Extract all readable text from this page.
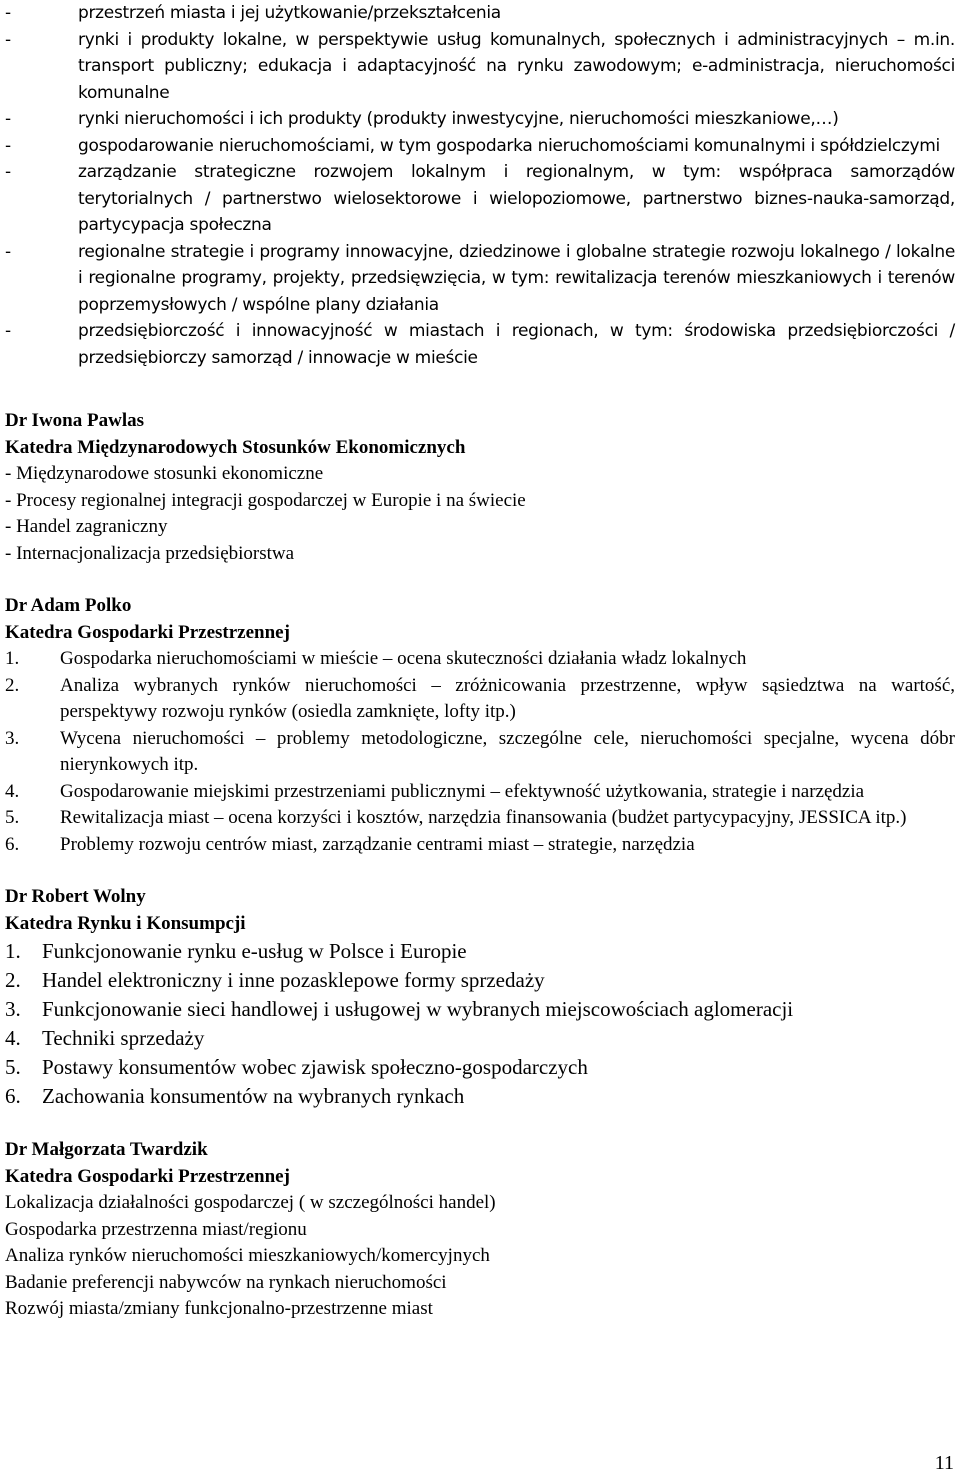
-	przestrzeń miasta i jej użytkowanie/przekształcenia
-	rynki i produkty lokalne, w perspektywie usług komunalnych, społecznych i administracyjnych – m.in. transport publiczny; edukacja i adaptacyjność na rynku zawodowym; e-administracja, nieruchomości komunalne
-	rynki nieruchomości i ich produkty (produkty inwestycyjne, nieruchomości mieszkaniowe,…)
-	gospodarowanie nieruchomościami, w tym gospodarka nieruchomościami komunalnymi i spółdzielczymi
-	zarządzanie strategiczne rozwojem lokalnym i regionalnym, w tym: współpraca samorządów terytorialnych / partnerstwo wielosektorowe i wielopoziomowe, partnerstwo biznes-nauka-samorząd, partycypacja społeczna
-	regionalne strategie i programy innowacyjne, dziedzinowe i globalne strategie rozwoju lokalnego / lokalne i regionalne programy, projekty, przedsięwzięcia, w tym: rewitalizacja terenów mieszkaniowych i terenów poprzemysłowych / wspólne plany działania
-	przedsiębiorczość i innowacyjność w miastach i regionach, w tym: środowiska przedsiębiorczości / przedsiębiorczy samorząd / innowacje w mieście
Dr Iwona Pawlas
Katedra Międzynarodowych Stosunków Ekonomicznych
- Międzynarodowe stosunki ekonomiczne
- Procesy regionalnej integracji gospodarczej w Europie i na świecie
- Handel zagraniczny
- Internacjonalizacja przedsiębiorstwa
Dr Adam Polko
Katedra Gospodarki Przestrzennej
1. Gospodarka nieruchomościami w mieście – ocena skuteczności działania władz lokalnych
2. Analiza wybranych rynków nieruchomości – zróżnicowania przestrzenne, wpływ sąsiedztwa na wartość, perspektywy rozwoju rynków (osiedla zamknięte, lofty itp.)
3. Wycena nieruchomości – problemy metodologiczne, szczególne cele, nieruchomości specjalne, wycena dóbr nierynkowych itp.
4. Gospodarowanie miejskimi przestrzeniami publicznymi – efektywność użytkowania, strategie i narzędzia
5. Rewitalizacja miast – ocena korzyści i kosztów, narzędzia finansowania (budżet partycypacyjny, JESSICA itp.)
6. Problemy rozwoju centrów miast, zarządzanie centrami miast – strategie, narzędzia
Dr Robert Wolny
Katedra Rynku i Konsumpcji
1. Funkcjonowanie rynku e-usług w Polsce i Europie
2. Handel elektroniczny i inne pozasklepowe formy sprzedaży
3. Funkcjonowanie sieci handlowej i usługowej w wybranych miejscowościach aglomeracji
4. Techniki sprzedaży
5. Postawy konsumentów wobec zjawisk społeczno-gospodarczych
6. Zachowania konsumentów na wybranych rynkach
Dr Małgorzata Twardzik
Katedra Gospodarki Przestrzennej
Lokalizacja działalności gospodarczej ( w szczególności handel)
Gospodarka przestrzenna miast/regionu
Analiza rynków nieruchomości mieszkaniowych/komercyjnych
Badanie preferencji nabywców na rynkach nieruchomości
Rozwój miasta/zmiany funkcjonalno-przestrzenne miast
11
